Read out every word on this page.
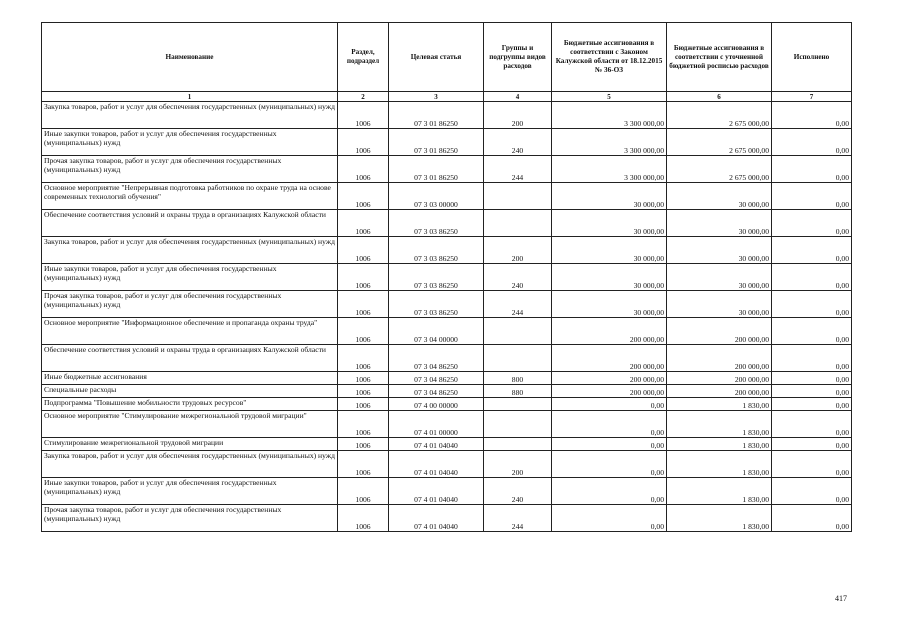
Наименование	Раздел, подраздел	Целевая статья	Группы и подгруппы видов расходов	Бюджетные ассигнования в соответствии с Законом Калужской области от 18.12.2015 № 36-ОЗ	Бюджетные ассигнования в соответствии с уточненной бюджетной росписью расходов	Исполнено
1	2	3	4	5	6	7
Закупка товаров, работ и услуг для обеспечения государственных (муниципальных) нужд	1006	07 3 01 86250	200	3 300 000,00	2 675 000,00	0,00
Иные закупки товаров, работ и услуг для обеспечения государственных (муниципальных) нужд	1006	07 3 01 86250	240	3 300 000,00	2 675 000,00	0,00
Прочая закупка товаров, работ и услуг для обеспечения государственных (муниципальных) нужд	1006	07 3 01 86250	244	3 300 000,00	2 675 000,00	0,00
Основное мероприятие "Непрерывная подготовка работников по охране труда на основе современных технологий обучения"	1006	07 3 03 00000		30 000,00	30 000,00	0,00
Обеспечение соответствия условий и охраны труда в организациях Калужской области	1006	07 3 03 86250		30 000,00	30 000,00	0,00
Закупка товаров, работ и услуг для обеспечения государственных (муниципальных) нужд	1006	07 3 03 86250	200	30 000,00	30 000,00	0,00
Иные закупки товаров, работ и услуг для обеспечения государственных (муниципальных) нужд	1006	07 3 03 86250	240	30 000,00	30 000,00	0,00
Прочая закупка товаров, работ и услуг для обеспечения государственных (муниципальных) нужд	1006	07 3 03 86250	244	30 000,00	30 000,00	0,00
Основное мероприятие "Информационное обеспечение и пропаганда охраны труда"	1006	07 3 04 00000		200 000,00	200 000,00	0,00
Обеспечение соответствия условий и охраны труда в организациях Калужской области	1006	07 3 04 86250		200 000,00	200 000,00	0,00
Иные бюджетные ассигнования	1006	07 3 04 86250	800	200 000,00	200 000,00	0,00
Специальные расходы	1006	07 3 04 86250	880	200 000,00	200 000,00	0,00
Подпрограмма "Повышение мобильности трудовых ресурсов"	1006	07 4 00 00000		0,00	1 830,00	0,00
Основное мероприятие "Стимулирование межрегиональной трудовой миграции"	1006	07 4 01 00000		0,00	1 830,00	0,00
Стимулирование межрегиональной трудовой миграции	1006	07 4 01 04040		0,00	1 830,00	0,00
Закупка товаров, работ и услуг для обеспечения государственных (муниципальных) нужд	1006	07 4 01 04040	200	0,00	1 830,00	0,00
Иные закупки товаров, работ и услуг для обеспечения государственных (муниципальных) нужд	1006	07 4 01 04040	240	0,00	1 830,00	0,00
Прочая закупка товаров, работ и услуг для обеспечения государственных (муниципальных) нужд	1006	07 4 01 04040	244	0,00	1 830,00	0,00
417
